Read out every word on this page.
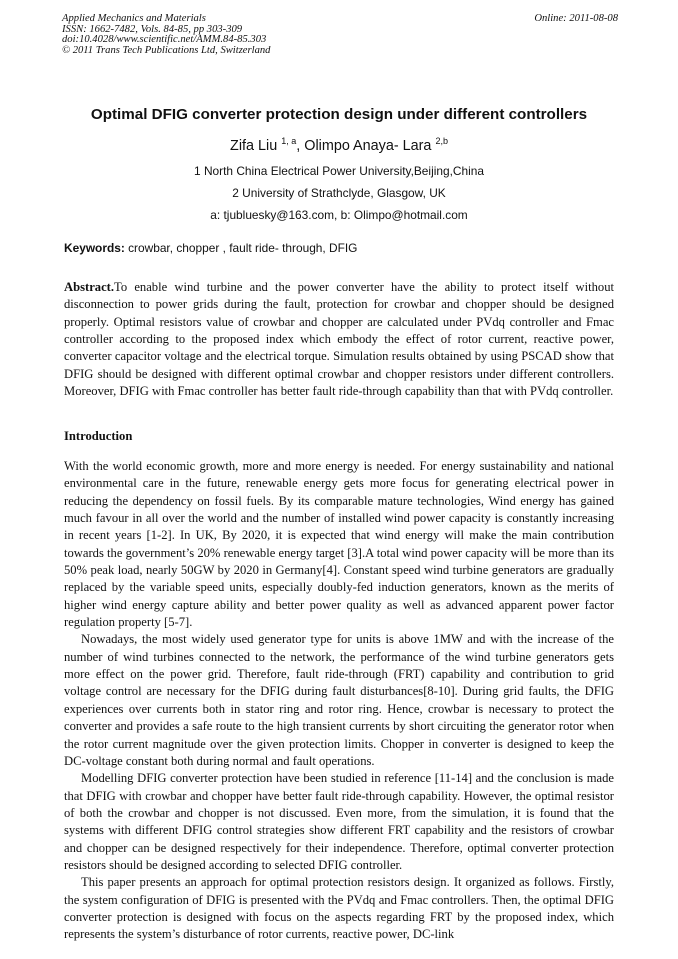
Applied Mechanics and Materials
ISSN: 1662-7482, Vols. 84-85, pp 303-309
doi:10.4028/www.scientific.net/AMM.84-85.303
© 2011 Trans Tech Publications Ltd, Switzerland
Online: 2011-08-08
Optimal DFIG converter protection design under different controllers
Zifa Liu $^{1, a}$, Olimpo Anaya- Lara $^{2,b}$
1 North China Electrical Power University,Beijing,China
2 University of Strathclyde, Glasgow, UK
a: tjubluesky@163.com, b: Olimpo@hotmail.com
Keywords: crowbar, chopper , fault ride- through, DFIG

Abstract.To enable wind turbine and the power converter have the ability to protect itself without disconnection to power grids during the fault, protection for crowbar and chopper should be designed properly. Optimal resistors value of crowbar and chopper are calculated under PVdq controller and Fmac controller according to the proposed index which embody the effect of rotor current, reactive power, converter capacitor voltage and the electrical torque. Simulation results obtained by using PSCAD show that DFIG should be designed with different optimal crowbar and chopper resistors under different controllers. Moreover, DFIG with Fmac controller has better fault ride-through capability than that with PVdq controller.

Introduction

With the world economic growth, more and more energy is needed. For energy sustainability and national environmental care in the future, renewable energy gets more focus for generating electrical power in reducing the dependency on fossil fuels. By its comparable mature technologies, Wind energy has gained much favour in all over the world and the number of installed wind power capacity is constantly increasing in recent years [1-2]. In UK, By 2020, it is expected that wind energy will make the main contribution towards the government’s 20% renewable energy target [3].A total wind power capacity will be more than its 50% peak load, nearly 50GW by 2020 in Germany[4]. Constant speed wind turbine generators are gradually replaced by the variable speed units, especially doubly-fed induction generators, known as the merits of higher wind energy capture ability and better power quality as well as advanced apparent power factor regulation property [5-7].

Nowadays, the most widely used generator type for units is above 1MW and with the increase of the number of wind turbines connected to the network, the performance of the wind turbine generators gets more effect on the power grid. Therefore, fault ride-through (FRT) capability and contribution to grid voltage control are necessary for the DFIG during fault disturbances[8-10]. During grid faults, the DFIG experiences over currents both in stator ring and rotor ring. Hence, crowbar is necessary to protect the converter and provides a safe route to the high transient currents by short circuiting the generator rotor when the rotor current magnitude over the given protection limits. Chopper in converter is designed to keep the DC-voltage constant both during normal and fault operations.

Modelling DFIG converter protection have been studied in reference [11-14] and the conclusion is made that DFIG with crowbar and chopper have better fault ride-through capability. However, the optimal resistor of both the crowbar and chopper is not discussed. Even more, from the simulation, it is found that the systems with different DFIG control strategies show different FRT capability and the resistors of crowbar and chopper can be designed respectively for their independence. Therefore, optimal converter protection resistors should be designed according to selected DFIG controller.

This paper presents an approach for optimal protection resistors design. It organized as follows. Firstly, the system configuration of DFIG is presented with the PVdq and Fmac controllers. Then, the optimal DFIG converter protection is designed with focus on the aspects regarding FRT by the proposed index, which represents the system’s disturbance of rotor currents, reactive power, DC-link
